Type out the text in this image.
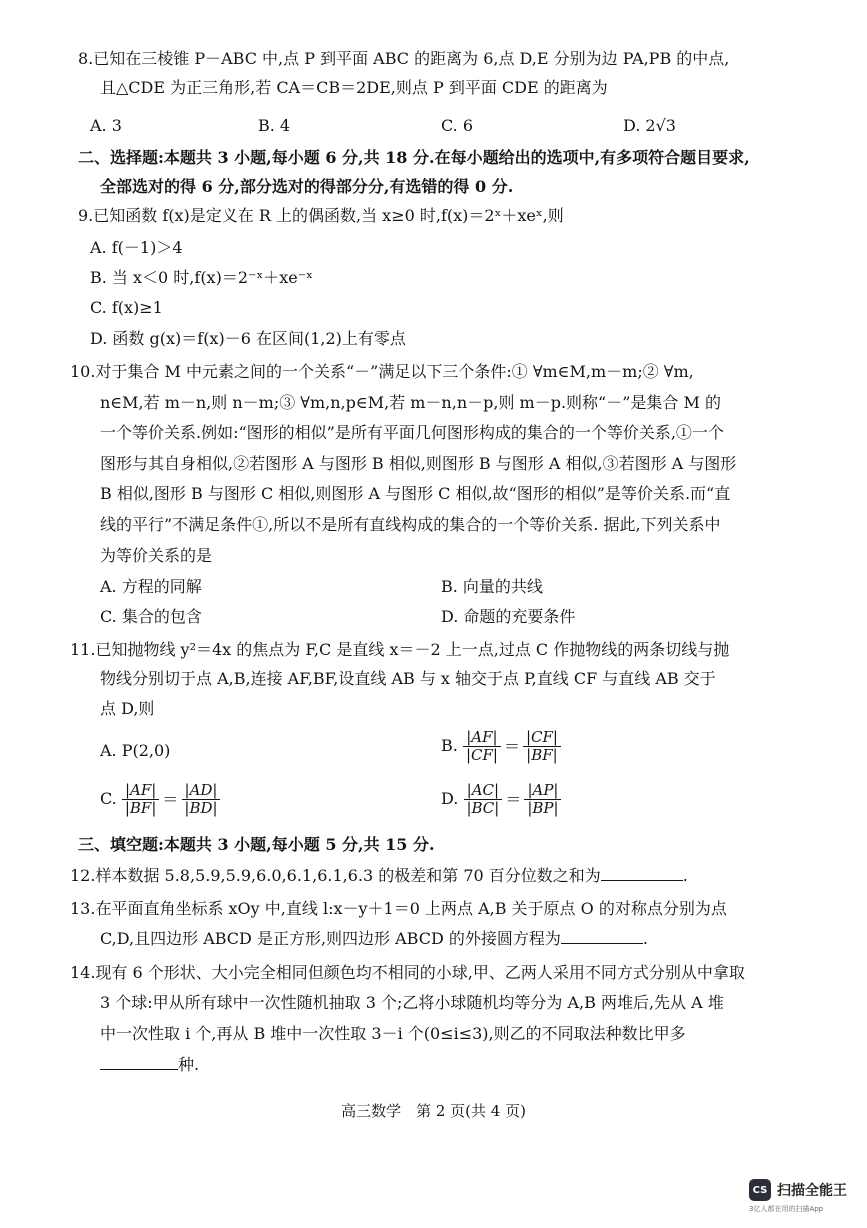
8.已知在三棱锥 P－ABC 中,点 P 到平面 ABC 的距离为 6,点 D,E 分别为边 PA,PB 的中点,
且△CDE 为正三角形,若 CA＝CB＝2DE,则点 P 到平面 CDE 的距离为
A. 3	B. 4	C. 6	D. 2√3
二、选择题:本题共 3 小题,每小题 6 分,共 18 分.在每小题给出的选项中,有多项符合题目要求,
全部选对的得 6 分,部分选对的得部分分,有选错的得 0 分.
9.已知函数 f(x)是定义在 R 上的偶函数,当 x≥0 时,f(x)＝2ˣ＋xeˣ,则
A. f(－1)＞4
B. 当 x＜0 时,f(x)＝2⁻ˣ＋xe⁻ˣ
C. f(x)≥1
D. 函数 g(x)＝f(x)－6 在区间(1,2)上有零点
10.对于集合 M 中元素之间的一个关系“－”满足以下三个条件:① ∀m∈M,m－m;② ∀m,
n∈M,若 m－n,则 n－m;③ ∀m,n,p∈M,若 m－n,n－p,则 m－p.则称“－”是集合 M 的
一个等价关系.例如:“图形的相似”是所有平面几何图形构成的集合的一个等价关系,①一个
图形与其自身相似,②若图形 A 与图形 B 相似,则图形 B 与图形 A 相似,③若图形 A 与图形
B 相似,图形 B 与图形 C 相似,则图形 A 与图形 C 相似,故“图形的相似”是等价关系.而“直
线的平行”不满足条件①,所以不是所有直线构成的集合的一个等价关系. 据此,下列关系中
为等价关系的是
A. 方程的同解	B. 向量的共线
C. 集合的包含	D. 命题的充要条件
11.已知抛物线 y²＝4x 的焦点为 F,C 是直线 x＝－2 上一点,过点 C 作抛物线的两条切线与抛
物线分别切于点 A,B,连接 AF,BF,设直线 AB 与 x 轴交于点 P,直线 CF 与直线 AB 交于
点 D,则
A. P(2,0)	B. $\frac{|AF|}{|CF|} = \frac{|CF|}{|BF|}$
C. $\frac{|AF|}{|BF|} = \frac{|AD|}{|BD|}$	D. $\frac{|AC|}{|BC|} = \frac{|AP|}{|BP|}$
三、填空题:本题共 3 小题,每小题 5 分,共 15 分.
12.样本数据 5.8,5.9,5.9,6.0,6.1,6.1,6.3 的极差和第 70 百分位数之和为	.
13.在平面直角坐标系 xOy 中,直线 l:x－y＋1＝0 上两点 A,B 关于原点 O 的对称点分别为点
C,D,且四边形 ABCD 是正方形,则四边形 ABCD 的外接圆方程为	.
14.现有 6 个形状、大小完全相同但颜色均不相同的小球,甲、乙两人采用不同方式分别从中拿取
3 个球:甲从所有球中一次性随机抽取 3 个;乙将小球随机均等分为 A,B 两堆后,先从 A 堆
中一次性取 i 个,再从 B 堆中一次性取 3－i 个(0≤i≤3),则乙的不同取法种数比甲多
种.
高三数学　第 2 页(共 4 页)
CS 扫描全能王
3亿人都在用的扫描App
